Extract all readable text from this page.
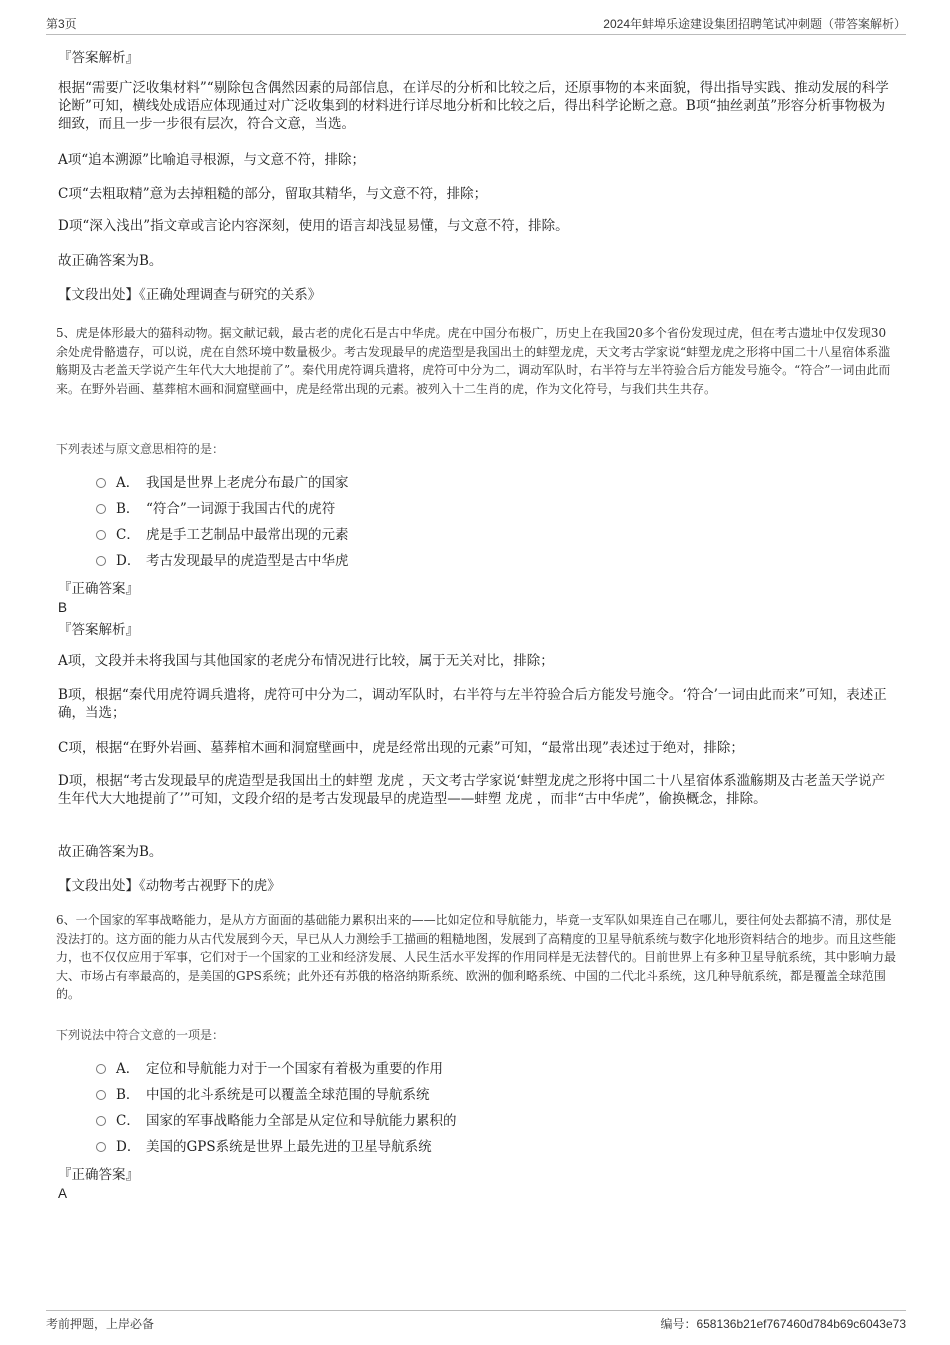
第3页	2024年蚌埠乐途建设集团招聘笔试冲刺题（带答案解析）
『答案解析』
根据“需要广泛收集材料”“剔除包含偶然因素的局部信息，在详尽的分析和比较之后，还原事物的本来面貌，得出指导实践、推动发展的科学论断”可知，横线处成语应体现通过对广泛收集到的材料进行详尽地分析和比较之后，得出科学论断之意。B项“抽丝剥茧”形容分析事物极为细致，而且一步一步很有层次，符合文意，当选。
A项“追本溯源”比喻追寻根源，与文意不符，排除；
C项“去粗取精”意为去掉粗糙的部分，留取其精华，与文意不符，排除；
D项“深入浅出”指文章或言论内容深刻，使用的语言却浅显易懂，与文意不符，排除。
故正确答案为B。
【文段出处】《正确处理调查与研究的关系》
5、虎是体形最大的猫科动物。据文献记载，最古老的虎化石是古中华虎。虎在中国分布极广，历史上在我国20多个省份发现过虎，但在考古遗址中仅发现30余处虎骨骼遗存，可以说，虎在自然环境中数量极少。考古发现最早的虎造型是我国出土的蚌塑龙虎，天文考古学家说“蚌塑龙虎之形将中国二十八星宿体系滥觞期及古老盖天学说产生年代大大地提前了”。秦代用虎符调兵遣将，虎符可中分为二，调动军队时，右半符与左半符验合后方能发号施令。“符合”一词由此而来。在野外岩画、墓葬棺木画和洞窟壁画中，虎是经常出现的元素。被列入十二生肖的虎，作为文化符号，与我们共生共存。
下列表述与原文意思相符的是：
A． 我国是世界上老虎分布最广的国家
B． “符合”一词源于我国古代的虎符
C． 虎是手工艺制品中最常出现的元素
D． 考古发现最早的虎造型是古中华虎
『正确答案』
B
『答案解析』
A项，文段并未将我国与其他国家的老虎分布情况进行比较，属于无关对比，排除；
B项，根据“秦代用虎符调兵遣将，虎符可中分为二，调动军队时，右半符与左半符验合后方能发号施令。‘符合’一词由此而来”可知，表述正确，当选；
C项，根据“在野外岩画、墓葬棺木画和洞窟壁画中，虎是经常出现的元素”可知，“最常出现”表述过于绝对，排除；
D项，根据“考古发现最早的虎造型是我国出土的蚌塑 龙虎 ，天文考古学家说‘蚌塑龙虎之形将中国二十八星宿体系滥觞期及古老盖天学说产生年代大大地提前了’”可知，文段介绍的是考古发现最早的虎造型——蚌塑 龙虎 ，而非“古中华虎”，偷换概念，排除。
故正确答案为B。
【文段出处】《动物考古视野下的虎》
6、一个国家的军事战略能力，是从方方面面的基础能力累积出来的——比如定位和导航能力，毕竟一支军队如果连自己在哪儿，要往何处去都搞不清，那仗是没法打的。这方面的能力从古代发展到今天，早已从人力测绘手工描画的粗糙地图，发展到了高精度的卫星导航系统与数字化地形资料结合的地步。而且这些能力，也不仅仅应用于军事，它们对于一个国家的工业和经济发展、人民生活水平发挥的作用同样是无法替代的。目前世界上有多种卫星导航系统，其中影响力最大、市场占有率最高的，是美国的GPS系统；此外还有苏俄的格洛纳斯系统、欧洲的伽利略系统、中国的二代北斗系统，这几种导航系统，都是覆盖全球范围的。
下列说法中符合文意的一项是：
A． 定位和导航能力对于一个国家有着极为重要的作用
B． 中国的北斗系统是可以覆盖全球范围的导航系统
C． 国家的军事战略能力全部是从定位和导航能力累积的
D． 美国的GPS系统是世界上最先进的卫星导航系统
『正确答案』
A
考前押题，上岸必备	编号：658136b21ef767460d784b69c6043e73
